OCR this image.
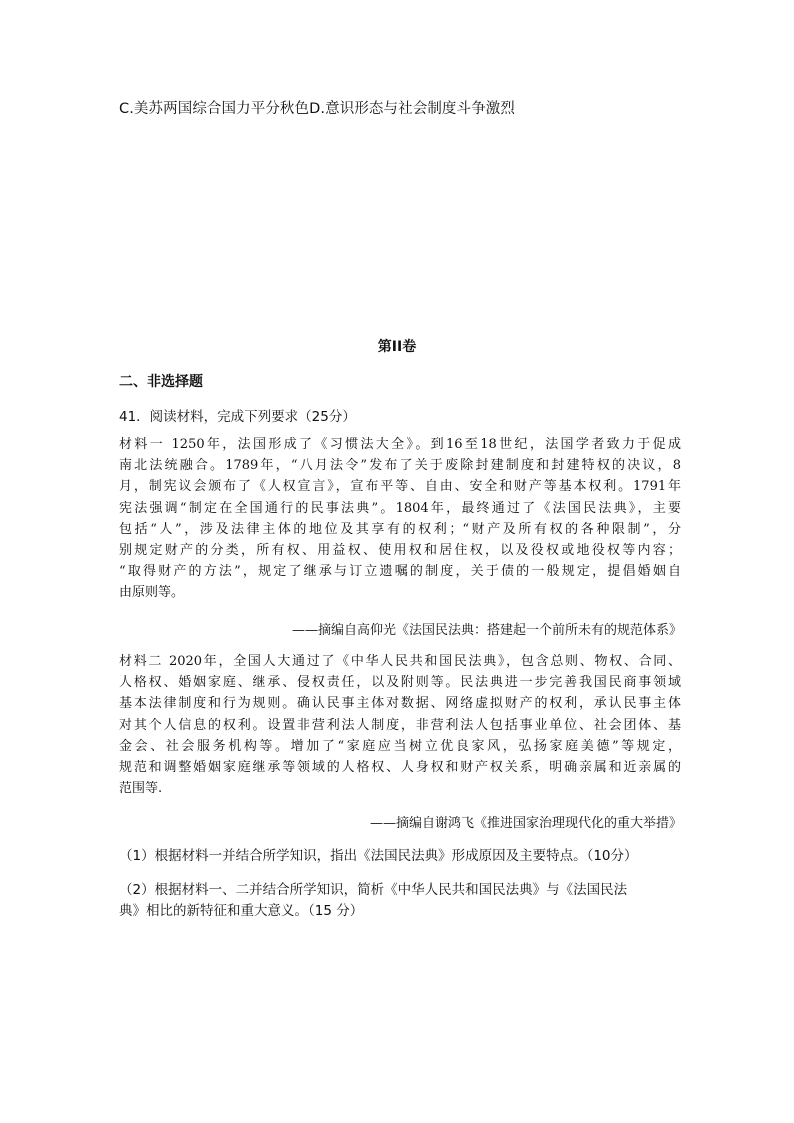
C.美苏两国综合国力平分秋色D.意识形态与社会制度斗争激烈
第II卷
二、非选择题
41．阅读材料，完成下列要求（25分）
材料一 1250年，法国形成了《习惯法大全》。到16至18世纪，法国学者致力于促成
南北法统融合。1789年，“八月法令”发布了关于废除封建制度和封建特权的决议，8
月，制宪议会颁布了《人权宣言》，宣布平等、自由、安全和财产等基本权利。1791年
宪法强调“制定在全国通行的民事法典”。1804年，最终通过了《法国民法典》，主要
包括“人”，涉及法律主体的地位及其享有的权利；“财产及所有权的各种限制”，分
别规定财产的分类，所有权、用益权、使用权和居住权，以及役权或地役权等内容；
“取得财产的方法”，规定了继承与订立遗嘱的制度，关于债的一般规定，提倡婚姻自
由原则等。
——摘编自高仰光《法国民法典：搭建起一个前所未有的规范体系》
材料二 2020年，全国人大通过了《中华人民共和国民法典》，包含总则、物权、合同、
人格权、婚姻家庭、继承、侵权责任，以及附则等。民法典进一步完善我国民商事领域
基本法律制度和行为规则。确认民事主体对数据、网络虚拟财产的权利，承认民事主体
对其个人信息的权利。设置非营利法人制度，非营利法人包括事业单位、社会团体、基
金会、社会服务机构等。增加了“家庭应当树立优良家风，弘扬家庭美德”等规定，
规范和调整婚姻家庭继承等领域的人格权、人身权和财产权关系，明确亲属和近亲属的
范围等.
——摘编自谢鸿飞《推进国家治理现代化的重大举措》
（1）根据材料一并结合所学知识，指出《法国民法典》形成原因及主要特点。（10分）
（2）根据材料一、二并结合所学知识，简析《中华人民共和国民法典》与《法国民法
典》相比的新特征和重大意义。（15 分）
